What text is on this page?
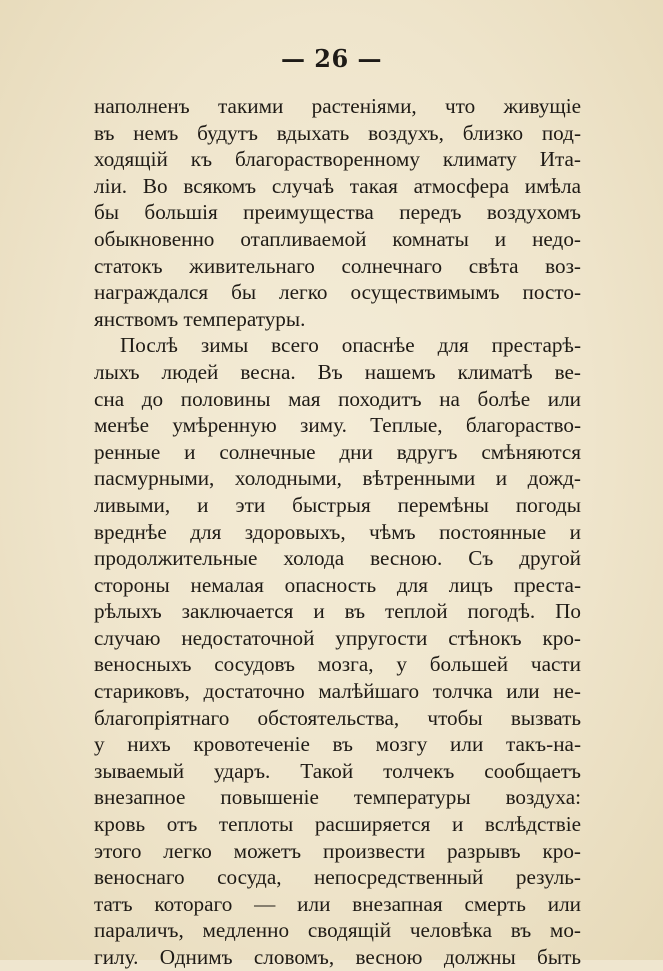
— 26 —
наполненъ такими растеніями, что живущіе
въ немъ будутъ вдыхать воздухъ, близко под-
ходящій къ благорастворенному климату Ита-
ліи. Во всякомъ случаѣ такая атмосфера имѣла
бы большія преимущества передъ воздухомъ
обыкновенно отапливаемой комнаты и недо-
статокъ живительнаго солнечнаго свѣта воз-
награждался бы легко осуществимымъ посто-
янствомъ температуры.
Послѣ зимы всего опаснѣе для престарѣ-
лыхъ людей весна. Въ нашемъ климатѣ ве-
сна до половины мая походитъ на болѣе или
менѣе умѣренную зиму. Теплые, благораство-
ренные и солнечные дни вдругъ смѣняются
пасмурными, холодными, вѣтренными и дожд-
ливыми, и эти быстрыя перемѣны погоды
вреднѣе для здоровыхъ, чѣмъ постоянные и
продолжительные холода весною. Съ другой
стороны немалая опасность для лицъ преста-
рѣлыхъ заключается и въ теплой погодѣ. По
случаю недостаточной упругости стѣнокъ кро-
веносныхъ сосудовъ мозга, у большей части
стариковъ, достаточно малѣйшаго толчка или не-
благопріятнаго обстоятельства, чтобы вызвать
у нихъ кровотеченіе въ мозгу или такъ-на-
зываемый ударъ. Такой толчекъ сообщаетъ
внезапное повышеніе температуры воздуха:
кровь отъ теплоты расширяется и вслѣдствіе
этого легко можетъ произвести разрывъ кро-
веноснаго сосуда, непосредственный резуль-
татъ котораго — или внезапная смерть или
параличъ, медленно сводящій человѣка въ мо-
гилу. Однимъ словомъ, весною должны быть
